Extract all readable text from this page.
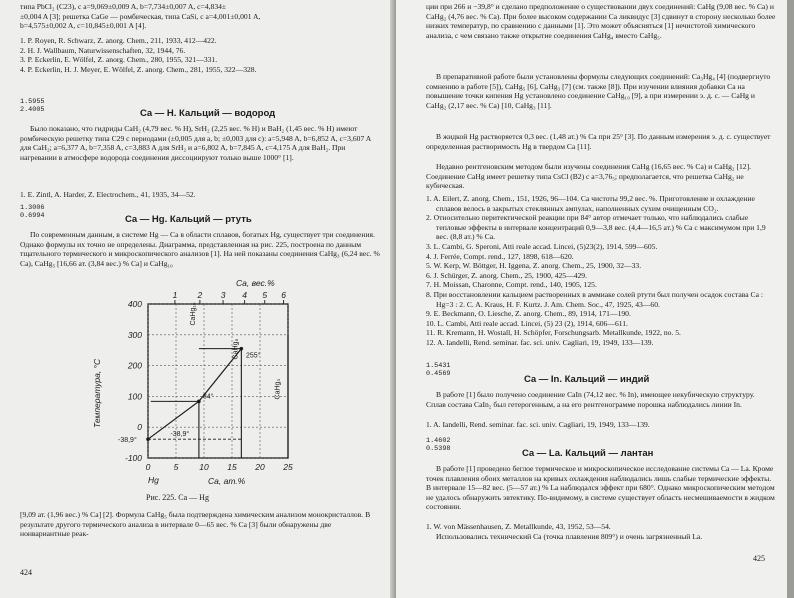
типа PbCl₂ (C23), с a=9,069±0,009 A, b=7,734±0,007 A, c=4,834±

±0,004 A [3]; решетка CaGe — ромбическая, типа CaSi, с a=4,001±0,001 A,

b=4,575±0,002 A, c=10,845±0,001 A [4].

1. P. Royen, R. Schwarz, Z. anorg. Chem., 211, 1933, 412—422.

2. H. J. Wallbaum, Naturwissenschaften, 32, 1944, 76.

3. P. Eckerlin, E. Wölfel, Z. anorg. Chem., 280, 1955, 321—331.

4. P. Eckerlin, H. J. Meyer, E. Wölfel, Z. anorg. Chem., 281, 1955, 322—328.

1.5955

2.4005	Ca — H. Кальций — водород

Было показано, что гидриды CaH₂ (4,79 вес. % H), SrH₂ (2,25 вес. % H) и BaH₂ (1,45 вес. % H) имеют ромбическую решетку типа C29 с периодами (±0,005 для a, b; ±0,003 для c): a=5,948 A, b=6,852 A, c=3,607 A для CaH₂; a=6,377 A, b=7,358 A, c=3,883 A для SrH₂ и a=6,802 A, b=7,845 A, c=4,175 A для BaH₂. При нагревании в атмосфере водорода соединения диссоциируют только выше 1000° [1].

1. E. Zintl, A. Harder, Z. Electrochem., 41, 1935, 34—52.

1.3006

0.6994	Ca — Hg. Кальций — ртуть

По современным данным, в системе Hg — Ca в области сплавов, богатых Hg, существует три соединения. Однако формулы их точно не определены. Диаграмма, представленная на рис. 225, построена по данным тщательного термического и микроскопического анализов [1]. На ней показаны соединения CaHg₃ (6,24 вес. % Ca), CaHg₅ [16,66 ат. (3,84 вес.) % Ca] и CaHg₁₀

Ca, вес.%
1 2 3 4 5 6
CaHg₁₀
CaHg₅
CaHg₃
255°
84°
-38,9°
-38,9°
400
300
200
100
0
-100
0	5 10 15 20 25
Температура, °C
Hg	Ca, ат.%
Рис. 225. Ca — Hg

[9,09 ат. (1,96 вес.) % Ca] [2]. Формула CaHg₅ была подтверждена химическим анализом монокристаллов. В результате другого термического анализа в интервале 0—65 вес. % Ca [3] были обнаружены две нонвариантные реак-

424

ции при 266 и −39,8° и сделано предположение о существовании двух соединений: CaHg (9,08 вес. % Ca) и CaHg₂ (4,76 вес. % Ca). При более высоком содержании Ca ликвидус [3] сдвинут в сторону несколько более низких температур, по сравнению с данными [1]. Это может объясняться [1] нечистотой химического анализа, с чем связано также открытие соединения CaHg₄ вместо CaHg₅.

В препаративной работе были установлены формулы следующих соединений: Ca₃Hg₄ [4] (подвергнуто сомнению в работе [5]), CaHg₅ [6], CaHg₃ [7] (см. также [8]). При изучении влияния добавки Ca на повышение точки кипения Hg установлено соединение CaHg₁₀ [9], а при измерении э. д. с. — CaHg и CaHg₂ (2,17 вес. % Ca) [10, CaHg₃ [11].

В жидкой Hg растворяется 0,3 вес. (1,48 ат.) % Ca при 25° [3]. По данным измерения э. д. с. существует определенная растворимость Hg в твердом Ca [11].

Недавно рентгеновским методом были изучены соединения CaHg (16,65 вес. % Ca) и CaHg₂ [12]. Соединение CaHg имеет решетку типа CsCl (B2) с a=3,76₅; предполагается, что решетка CaHg₂ не кубическая.

1. A. Eilert, Z. anorg. Chem., 151, 1926, 96—104. Ca чистоты 99,2 вес. %. Приготовление и охлаждение сплавов велось в закрытых стеклянных ампулах, наполненных сухим очищенным CO₂.

2. Относительно перитектической реакции при 84° автор отмечает только, что наблюдались слабые тепловые эффекты в интервале концентраций 0,9—3,8 вес. (4,4—16,5 ат.) % Ca с максимумом при 1,9 вес. (8,8 ат.) % Ca.

3. L. Cambi, G. Speroni, Atti reale accad. Lincei, (5)23(2), 1914, 599—605.

4. J. Ferrée, Compt. rend., 127, 1898, 618—620.

5. W. Kerp, W. Böttger, H. Iggena, Z. anorg. Chem., 25, 1900, 32—33.

6. J. Schürger, Z. anorg. Chem., 25, 1900, 425—429.

7. H. Moissan, Charonne, Compt. rend., 140, 1905, 125.

8. При восстановлении кальцием растворенных в аммиаке солей ртути был получен осадок состава Ca : Hg=3 : 2. C. A. Kraus, H. F. Kurtz. J. Am. Chem. Soc., 47, 1925, 43—60.

9. E. Beckmann, O. Liesche, Z. anorg. Chem., 89, 1914, 171—190.

10. L. Cambi, Atti reale accad. Lincei, (5) 23 (2), 1914, 606—611.

11. R. Kremann, H. Wostall, H. Schöpfer, Forschungsarb. Metallkunde, 1922, no. 5.

12. A. Iandelli, Rend. seminar. fac. sci. univ. Cagliari, 19, 1949, 133—139.

1.5431

0.4569	Ca — In. Кальций — индий

В работе [1] было получено соединение CaIn (74,12 вес. % In), имеющее некубическую структуру. Сплав состава CaIn₂ был гетерогенным, а на его рентгенограмме порошка наблюдались линии In.

1. A. Iandelli, Rend. seminar. fac. sci. univ. Cagliari, 19, 1949, 133—139.

1.4602

0.5398	Ca — La. Кальций — лантан

В работе [1] проведено беглое термическое и микроскопическое исследование системы Ca — La. Кроме точек плавления обоих металлов на кривых охлаждения наблюдались лишь слабые термические эффекты. В интервале 15—82 вес. (5—57 ат.) % La наблюдался эффект при 680°. Однако микроскопическим методом не удалось обнаружить эвтектику. По-видимому, в системе существует область несмешиваемости в жидком состоянии.

1. W. von Mässenhausen, Z. Metallkunde, 43, 1952, 53—54.

Использовались технический Ca (точка плавления 809°) и очень загрязненный La.

425
